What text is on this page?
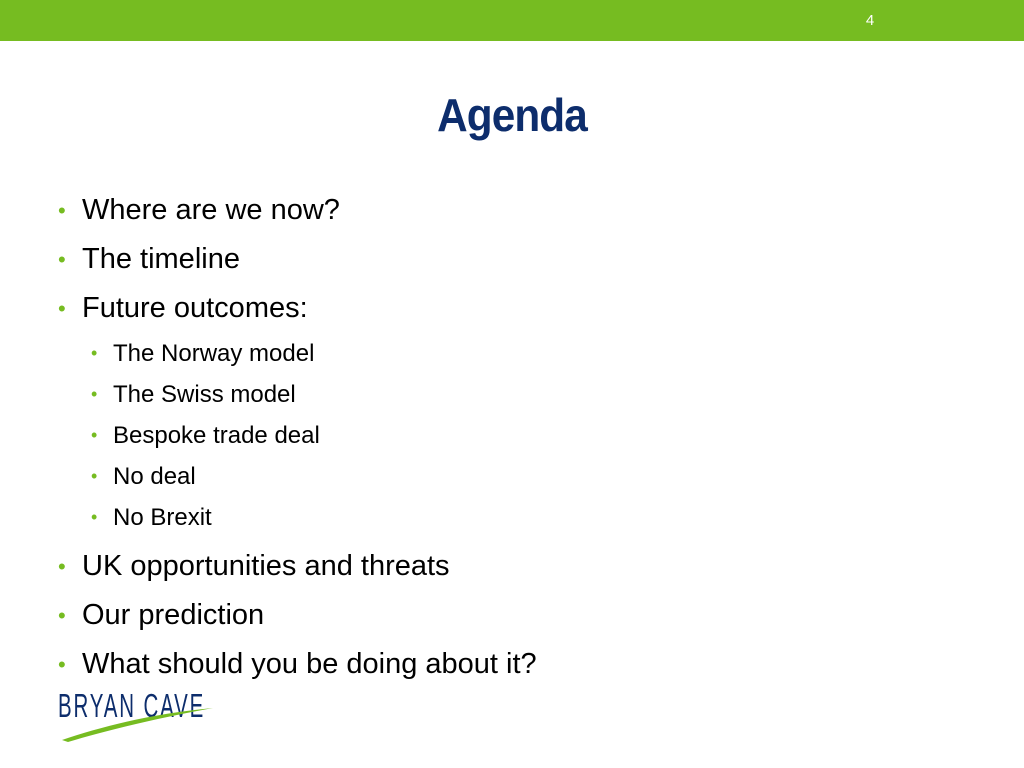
4
Agenda
• Where are we now?
• The timeline
• Future outcomes:
• The Norway model
• The Swiss model
• Bespoke trade deal
• No deal
• No Brexit
• UK opportunities and threats
• Our prediction
• What should you be doing about it?
BRYAN CAVE
